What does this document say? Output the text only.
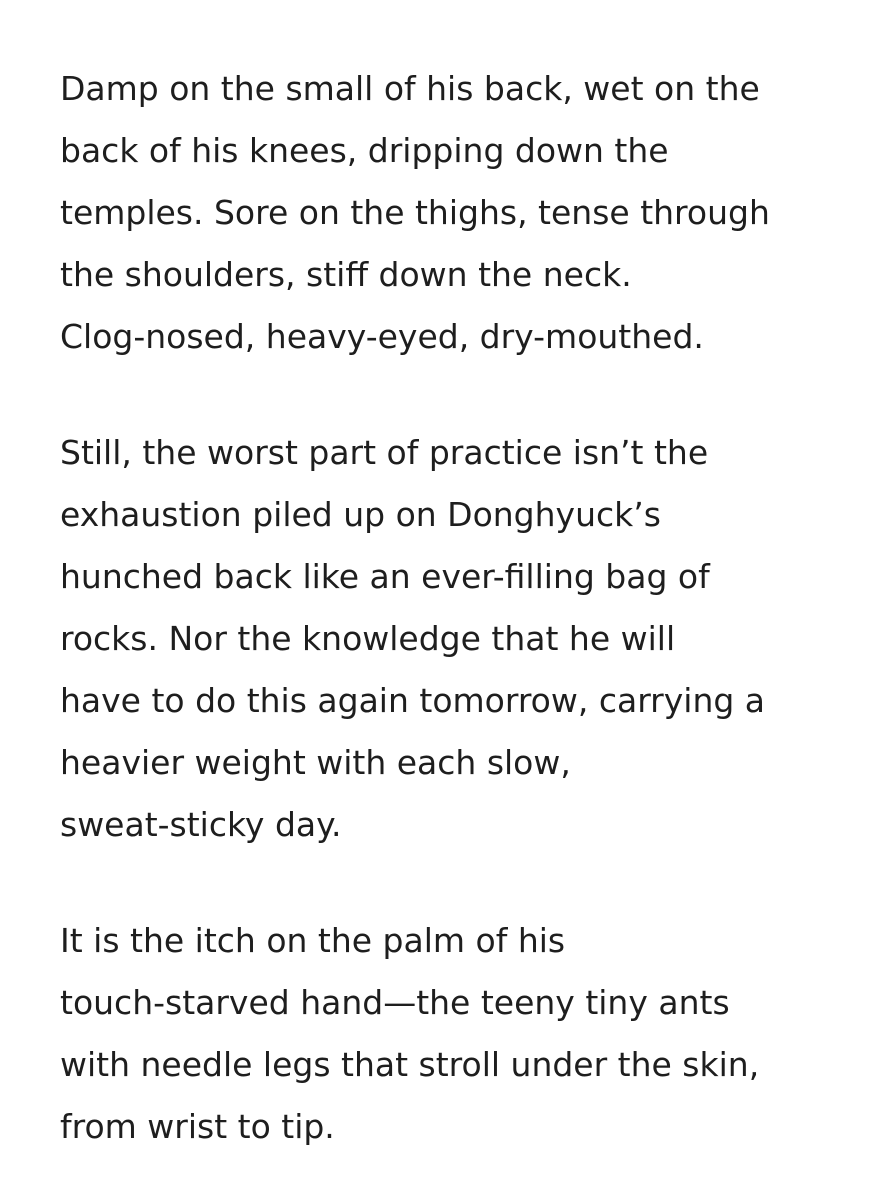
Damp on the small of his back, wet on the
back of his knees, dripping down the
temples. Sore on the thighs, tense through
the shoulders, stiff down the neck.
Clog-nosed, heavy-eyed, dry-mouthed.

Still, the worst part of practice isn’t the
exhaustion piled up on Donghyuck’s
hunched back like an ever-filling bag of
rocks. Nor the knowledge that he will
have to do this again tomorrow, carrying a
heavier weight with each slow,
sweat-sticky day.

It is the itch on the palm of his
touch-starved hand—the teeny tiny ants
with needle legs that stroll under the skin,
from wrist to tip.
